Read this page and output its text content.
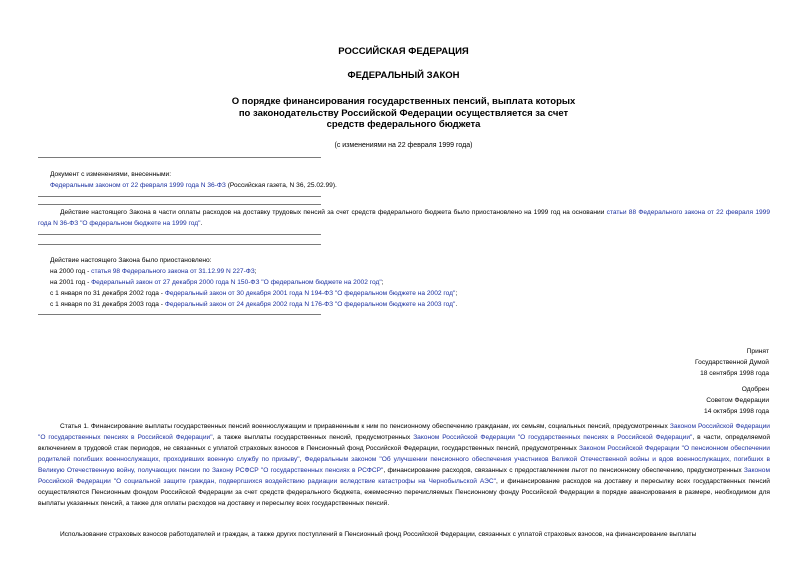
РОССИЙСКАЯ ФЕДЕРАЦИЯ
ФЕДЕРАЛЬНЫЙ ЗАКОН
О порядке финансирования государственных пенсий, выплата которых
по законодательству Российской Федерации осуществляется за счет
средств федерального бюджета
(с изменениями на 22 февраля 1999 года)
Документ с изменениями, внесенными:
Федеральным законом от 22 февраля 1999 года N 36-ФЗ (Российская газета, N 36, 25.02.99).
Действие настоящего Закона в части оплаты расходов на доставку трудовых пенсий за счет средств федерального бюджета было приостановлено на 1999 год на основании статьи 88 Федерального закона от 22 февраля 1999 года N 36-ФЗ "О федеральном бюджете на 1999 год".
Действие настоящего Закона было приостановлено:
на 2000 год - статья 98 Федерального закона от 31.12.99 N 227-ФЗ;
на 2001 год - Федеральный закон от 27 декабря 2000 года N 150-ФЗ "О федеральном бюджете на 2002 год";
с 1 января по 31 декабря 2002 года - Федеральный закон от 30 декабря 2001 года N 194-ФЗ "О федеральном бюджете на 2002 год";
с 1 января по 31 декабря 2003 года - Федеральный закон от 24 декабря 2002 года N 176-ФЗ "О федеральном бюджете на 2003 год".
Принят
Государственной Думой
18 сентября 1998 года
Одобрен
Советом Федерации
14 октября 1998 года
Статья 1. Финансирование выплаты государственных пенсий военнослужащим и приравненным к ним по пенсионному обеспечению гражданам, их семьям, социальных пенсий, предусмотренных Законом Российской Федерации "О государственных пенсиях в Российской Федерации", а также выплаты государственных пенсий, предусмотренных Законом Российской Федерации "О государственных пенсиях в Российской Федерации", в части, определяемой включением в трудовой стаж периодов, не связанных с уплатой страховых взносов в Пенсионный фонд Российской Федерации, государственных пенсий, предусмотренных Законом Российской Федерации "О пенсионном обеспечении родителей погибших военнослужащих, проходивших военную службу по призыву", Федеральным законом "Об улучшении пенсионного обеспечения участников Великой Отечественной войны и вдов военнослужащих, погибших в Великую Отечественную войну, получающих пенсии по Закону РСФСР "О государственных пенсиях в РСФСР", финансирование расходов, связанных с предоставлением льгот по пенсионному обеспечению, предусмотренных Законом Российской Федерации "О социальной защите граждан, подвергшихся воздействию радиации вследствие катастрофы на Чернобыльской АЭС", и финансирование расходов на доставку и пересылку всех государственных пенсий осуществляются Пенсионным фондом Российской Федерации за счет средств федерального бюджета, ежемесячно перечисляемых Пенсионному фонду Российской Федерации в порядке авансирования в размере, необходимом для выплаты указанных пенсий, а также для оплаты расходов на доставку и пересылку всех государственных пенсий.
Использование страховых взносов работодателей и граждан, а также других поступлений в Пенсионный фонд Российской Федерации, связанных с уплатой страховых взносов, на финансирование выплаты
